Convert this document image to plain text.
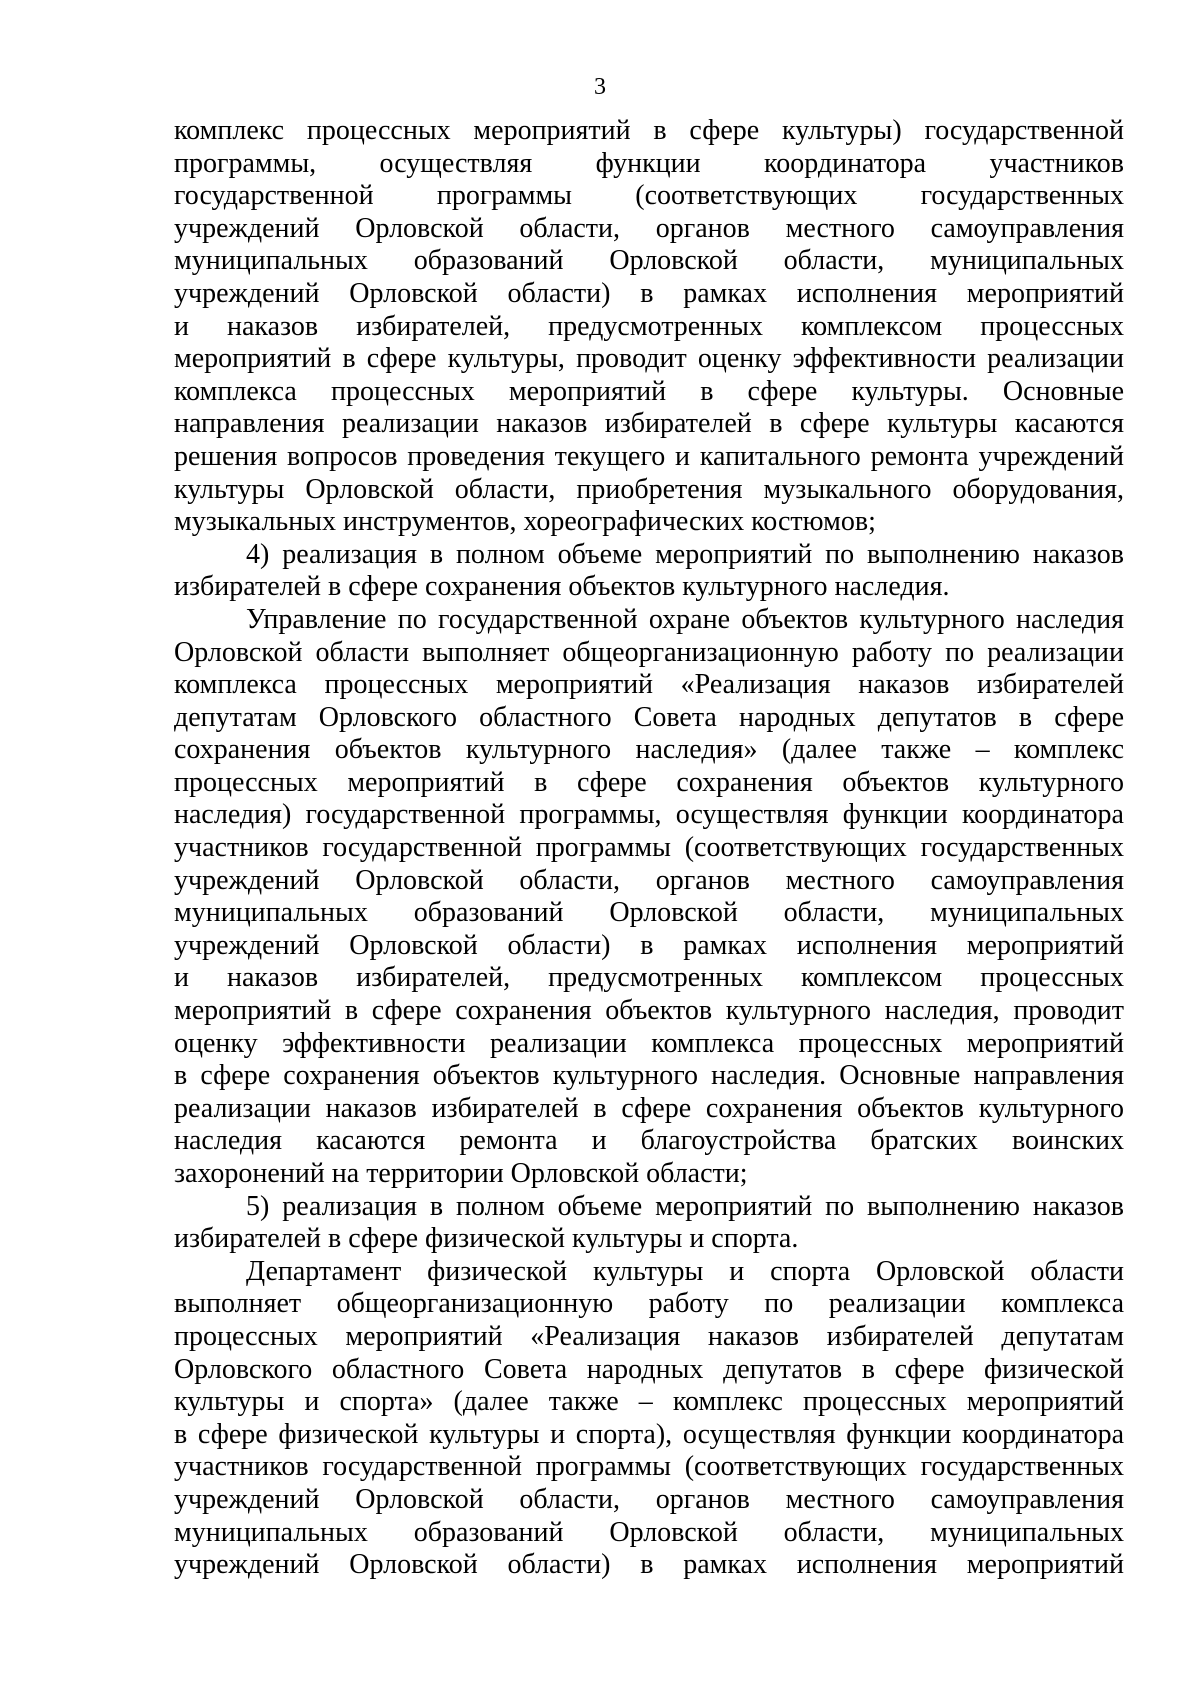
3
комплекс процессных мероприятий в сфере культуры) государственной
программы, осуществляя функции координатора участников
государственной программы (соответствующих государственных
учреждений Орловской области, органов местного самоуправления
муниципальных образований Орловской области, муниципальных
учреждений Орловской области) в рамках исполнения мероприятий
и наказов избирателей, предусмотренных комплексом процессных
мероприятий в сфере культуры, проводит оценку эффективности реализации
комплекса процессных мероприятий в сфере культуры. Основные
направления реализации наказов избирателей в сфере культуры касаются
решения вопросов проведения текущего и капитального ремонта учреждений
культуры Орловской области, приобретения музыкального оборудования,
музыкальных инструментов, хореографических костюмов;
4) реализация в полном объеме мероприятий по выполнению наказов
избирателей в сфере сохранения объектов культурного наследия.
Управление по государственной охране объектов культурного наследия
Орловской области выполняет общеорганизационную работу по реализации
комплекса процессных мероприятий «Реализация наказов избирателей
депутатам Орловского областного Совета народных депутатов в сфере
сохранения объектов культурного наследия» (далее также – комплекс
процессных мероприятий в сфере сохранения объектов культурного
наследия) государственной программы, осуществляя функции координатора
участников государственной программы (соответствующих государственных
учреждений Орловской области, органов местного самоуправления
муниципальных образований Орловской области, муниципальных
учреждений Орловской области) в рамках исполнения мероприятий
и наказов избирателей, предусмотренных комплексом процессных
мероприятий в сфере сохранения объектов культурного наследия, проводит
оценку эффективности реализации комплекса процессных мероприятий
в сфере сохранения объектов культурного наследия. Основные направления
реализации наказов избирателей в сфере сохранения объектов культурного
наследия касаются ремонта и благоустройства братских воинских
захоронений на территории Орловской области;
5) реализация в полном объеме мероприятий по выполнению наказов
избирателей в сфере физической культуры и спорта.
Департамент физической культуры и спорта Орловской области
выполняет общеорганизационную работу по реализации комплекса
процессных мероприятий «Реализация наказов избирателей депутатам
Орловского областного Совета народных депутатов в сфере физической
культуры и спорта» (далее также – комплекс процессных мероприятий
в сфере физической культуры и спорта), осуществляя функции координатора
участников государственной программы (соответствующих государственных
учреждений Орловской области, органов местного самоуправления
муниципальных образований Орловской области, муниципальных
учреждений Орловской области) в рамках исполнения мероприятий
